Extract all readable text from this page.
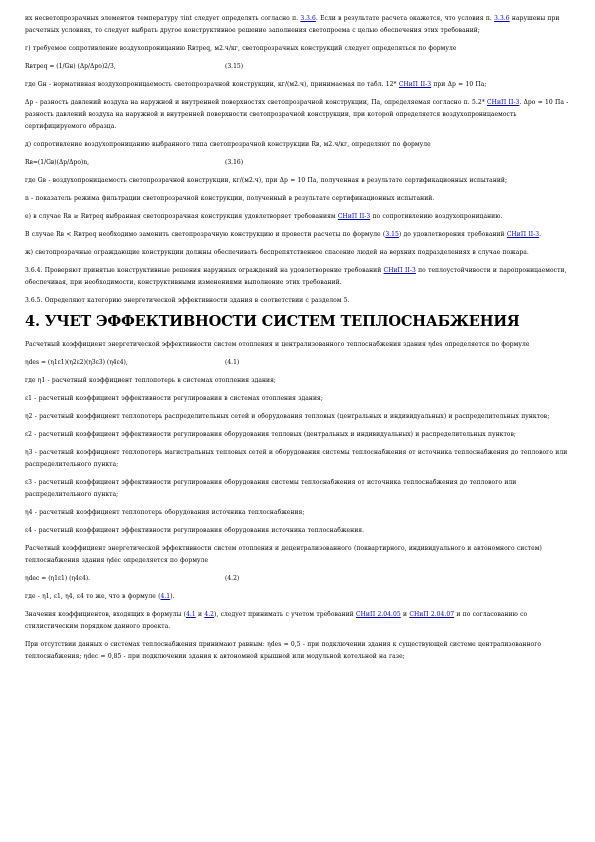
их несветопрозрачных элементов температуру τint следует определять согласно п. 3.3.6. Если в результате расчета окажется, что условия п. 3.3.6 нарушены при расчетных условиях, то следует выбрать другое конструктивное решение заполнения светопроема с целью обеспечения этих требований;

г) требуемое сопротивление воздухопроницанию Rвтреq, м2.ч/кг, светопрозрачных конструкций следует определяться по формуле

Rвтреq = (1/Gн) (Δр/Δро)2/3,	(3.15)

где Gн - нормативная воздухопроницаемость светопрозрачной конструкции, кг/(м2.ч), принимаемая по табл. 12* СНиП II-3 при Δр = 10 Па;

Δр - разность давлений воздуха на наружной и внутренней поверхностях светопрозрачной конструкции, Па, определяемая согласно п. 5.2* СНиП II-3. Δро = 10 Па - разность давлений воздуха на наружной и внутренней поверхности светопрозрачной конструкции, при которой определяется воздухопроницаемость сертифицируемого образца.

д) сопротивление воздухопроницанию выбранного типа светопрозрачной конструкции Rв, м2.ч/кг, определяют по формуле

Rв=(1/Gв)(Δр/Δро)n,	(3.16)

где Gв - воздухопроницаемость светопрозрачной конструкции, кг/(м2.ч), при Δр = 10 Па, полученная в результате сертификационных испытаний;

n - показатель режима фильтрации светопрозрачной конструкции, полученный в результате сертификационных испытаний.

е) в случае Rв ≥ Rвтреq выбранная светопрозрачная конструкция удовлетворяет требованиям СНиП II-3 по сопротивлению воздухопроницанию.

В случае Rв < Rвтреq необходимо заменить светопрозрачную конструкцию и провести расчеты по формуле (3.15) до удовлетворения требований СНиП II-3.

ж) светопрозрачные ограждающие конструкции должны обеспечивать беспрепятственное спасение людей на верхних подразделениях в случае пожара.

3.6.4. Проверяют принятые конструктивные решения наружных ограждений на удовлетворение требований СНиП II-3 по теплоустойчивости и паропроницаемости, обеспечивая, при необходимости, конструктивными изменениями выполнение этих требований.

3.6.5. Определяют категорию энергетической эффективности здания в соответствии с разделом 5.

4. УЧЕТ ЭФФЕКТИВНОСТИ СИСТЕМ ТЕПЛОСНАБЖЕНИЯ

Расчетный коэффициент энергетической эффективности систем отопления и централизованного теплоснабжения здания ηdes определяется по формуле

ηdes = (η1ε1)(η2ε2)(η3ε3) (η4ε4),	(4.1)

где η1 - расчетный коэффициент теплопотерь в системах отопления здания;

ε1 - расчетный коэффициент эффективности регулирования в системах отопления здания;

η2 - расчетный коэффициент теплопотерь распределительных сетей и оборудования тепловых (центральных и индивидуальных) и распределительных пунктов;

ε2 - расчетный коэффициент эффективности регулирования оборудования тепловых (центральных и индивидуальных) и распределительных пунктов;

η3 - расчетный коэффициент теплопотерь магистральных тепловых сетей и оборудования системы теплоснабжения от источника теплоснабжения до теплового или распределительного пункта;

ε3 - расчетный коэффициент эффективности регулирования оборудования системы теплоснабжения от источника теплоснабжения до теплового или распределительного пункта;

η4 - расчетный коэффициент теплопотерь оборудования источника теплоснабжения;

ε4 - расчетный коэффициент эффективности регулирования оборудования источника теплоснабжения.

Расчетный коэффициент энергетической эффективности систем отопления и децентрализованного (поквартирного, индивидуального и автономного систем) теплоснабжения здания ηdec определяется по формуле

ηdec = (η1ε1) (η4ε4).	(4.2)

где - η1, ε1, η4, ε4 то же, что в формуле (4.1).

Значения коэффициентов, входящих в формулы (4.1 и 4.2), следует принимать с учетом требований СНиП 2.04.05 и СНиП 2.04.07 и по согласованию со стилистическим порядком данного проекта.

При отсутствии данных о системах теплоснабжения принимают равным: ηdes = 0,5 - при подключении здания к существующей системе централизованного теплоснабжения; ηdес = 0,85 - при подключении здания к автономной крышной или модульной котельной на газе;
